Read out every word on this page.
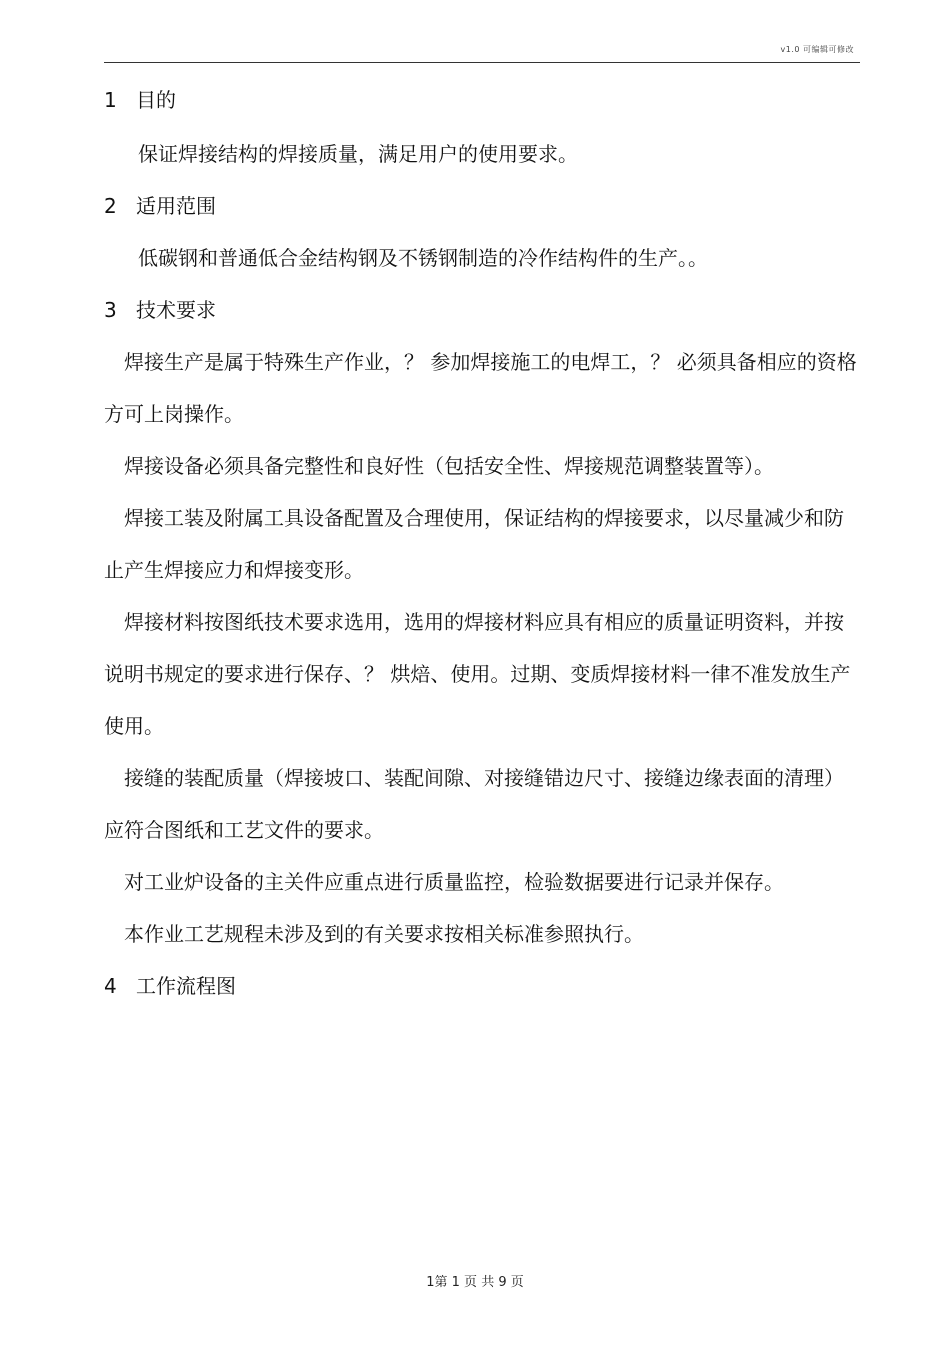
v1.0 可编辑可修改
1 目的
保证焊接结构的焊接质量，满足用户的使用要求。
2 适用范围
低碳钢和普通低合金结构钢及不锈钢制造的冷作结构件的生产。。
3 技术要求
焊接生产是属于特殊生产作业，？ 参加焊接施工的电焊工，？ 必须具备相应的资格
方可上岗操作。
焊接设备必须具备完整性和良好性（包括安全性、焊接规范调整装置等）。
焊接工装及附属工具设备配置及合理使用，保证结构的焊接要求，以尽量减少和防
止产生焊接应力和焊接变形。
焊接材料按图纸技术要求选用，选用的焊接材料应具有相应的质量证明资料，并按
说明书规定的要求进行保存、？ 烘焙、使用。过期、变质焊接材料一律不准发放生产
使用。
接缝的装配质量（焊接坡口、装配间隙、对接缝错边尺寸、接缝边缘表面的清理）
应符合图纸和工艺文件的要求。
对工业炉设备的主关件应重点进行质量监控，检验数据要进行记录并保存。
本作业工艺规程未涉及到的有关要求按相关标准参照执行。
4 工作流程图
1第 1 页 共 9 页
